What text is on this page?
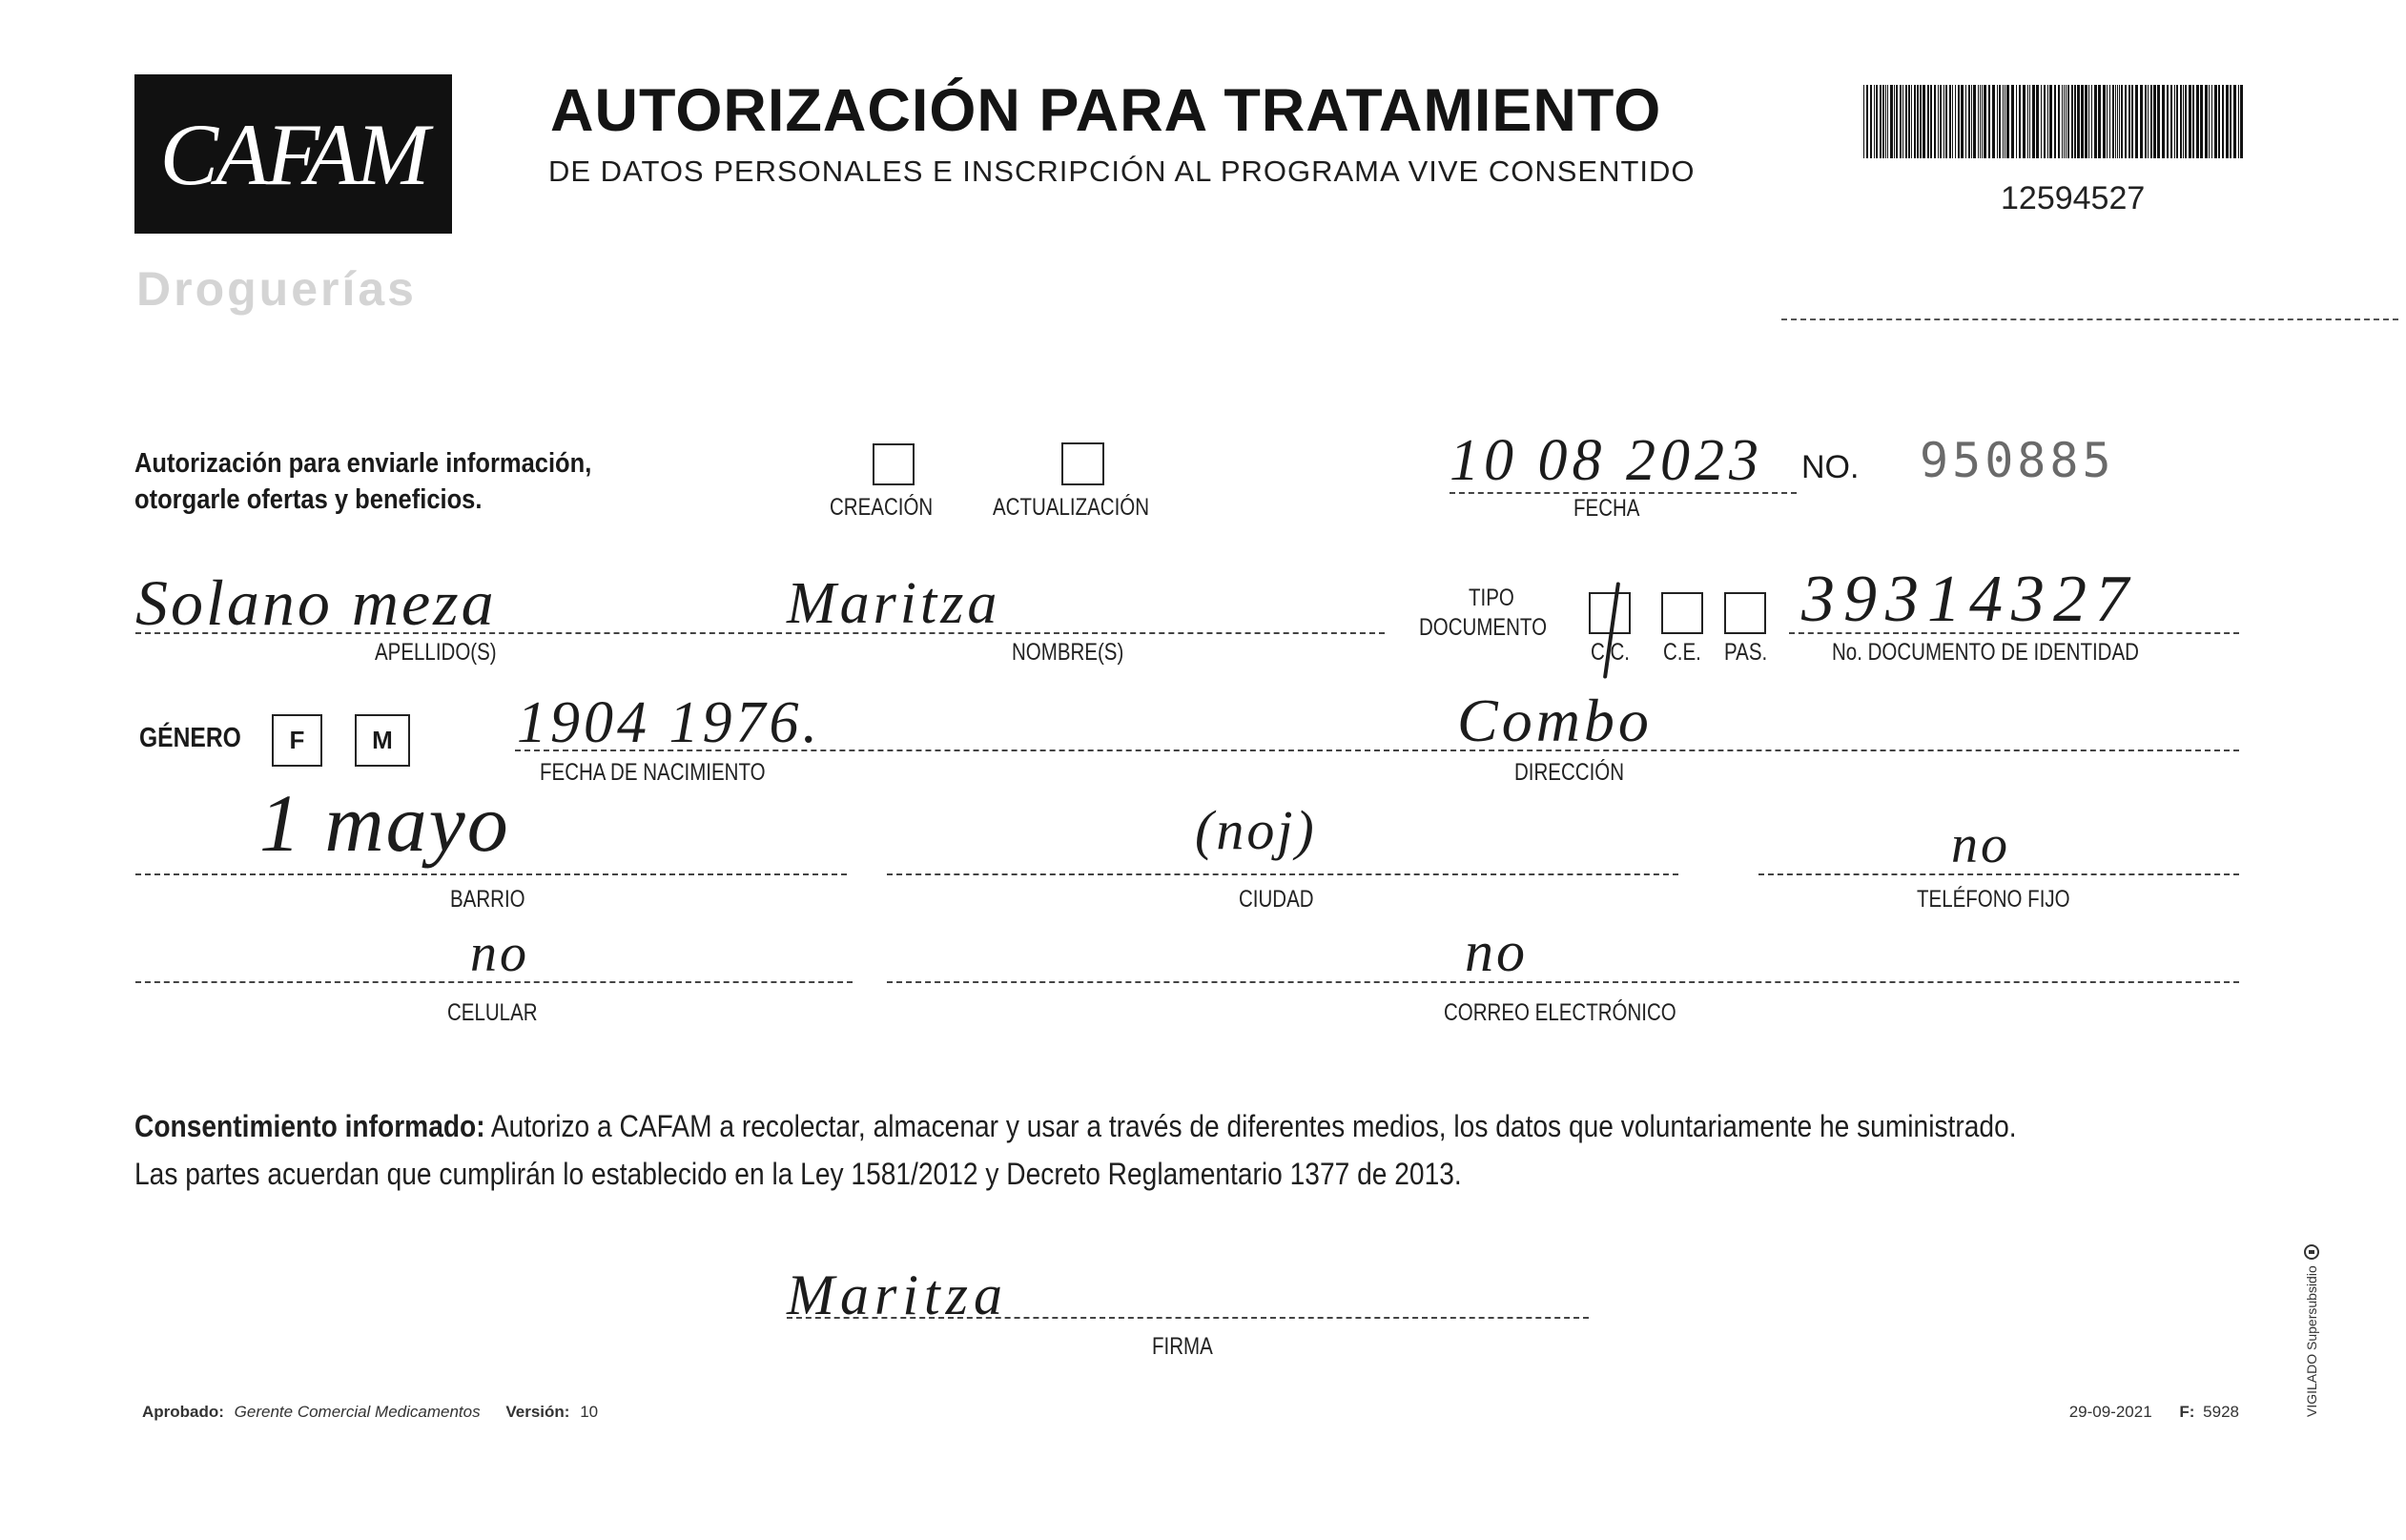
CAFAM
Droguerías
AUTORIZACIÓN PARA TRATAMIENTO
DE DATOS PERSONALES E INSCRIPCIÓN AL PROGRAMA VIVE CONSENTIDO
12594527
Autorización para enviarle información,
otorgarle ofertas y beneficios.	CREACIÓN	ACTUALIZACIÓN
10 08 2023
FECHA
NO. 950885
Solano meza	Maritza
APELLIDO(S)	NOMBRE(S)
TIPO
DOCUMENTO
C.C. C.E. PAS.
39314327
No. DOCUMENTO DE IDENTIDAD
GÉNERO	F	M 1904 1976.
FECHA DE NACIMIENTO
Combo
DIRECCIÓN
1 mayo
BARRIO
(noj)
CIUDAD
no
TELÉFONO FIJO
no
CELULAR
no
CORREO ELECTRÓNICO
Consentimiento informado: Autorizo a CAFAM a recolectar, almacenar y usar a través de diferentes medios, los datos que voluntariamente he suministrado.
Las partes acuerdan que cumplirán lo establecido en la Ley 1581/2012 y Decreto Reglamentario 1377 de 2013.
Maritza
FIRMA
Aprobado: Gerente Comercial Medicamentos Versión: 10	29-09-2021 F: 5928	VIGILADO Supersubsidio
